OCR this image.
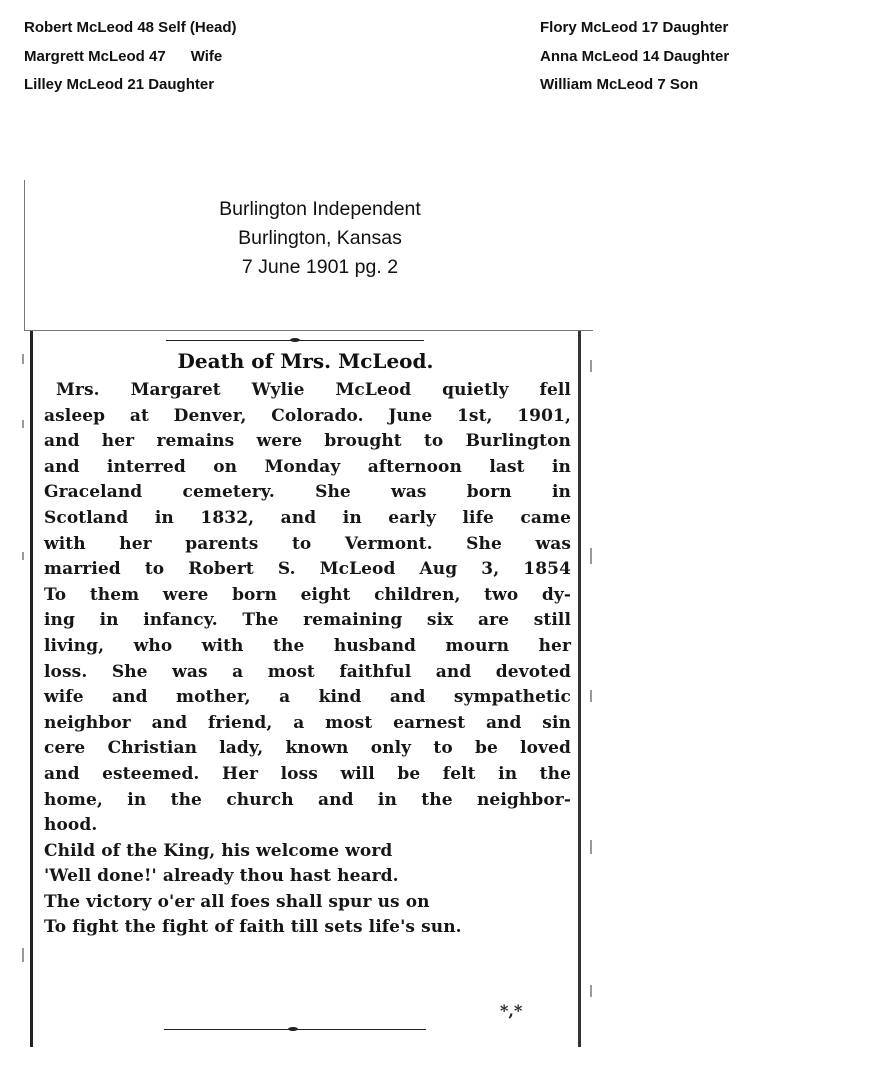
Robert McLeod 48 Self (Head)
Margrett McLeod 47      Wife
Lilley McLeod 21 Daughter
Flory McLeod 17 Daughter
Anna McLeod 14 Daughter
William McLeod 7 Son
Burlington Independent
Burlington, Kansas
7 June 1901 pg. 2
Death of Mrs. McLeod.
Mrs. Margaret Wylie McLeod quietly fell
asleep at Denver, Colorado. June 1st, 1901,
and her remains were brought to Burlington
and interred on Monday afternoon last in
Graceland cemetery. She was born in
Scotland in 1832, and in early life came
with her parents to Vermont. She was
married to Robert S. McLeod Aug 3, 1854
To them were born eight children, two dy-
ing in infancy. The remaining six are still
living, who with the husband mourn her
loss. She was a most faithful and devoted
wife and mother, a kind and sympathetic
neighbor and friend, a most earnest and sin
cere Christian lady, known only to be loved
and esteemed. Her loss will be felt in the
home, in the church and in the neighbor-
hood.
Child of the King, his welcome word
'Well done!' already thou hast heard.
The victory o'er all foes shall spur us on
To fight the fight of faith till sets life's sun.
*,*
